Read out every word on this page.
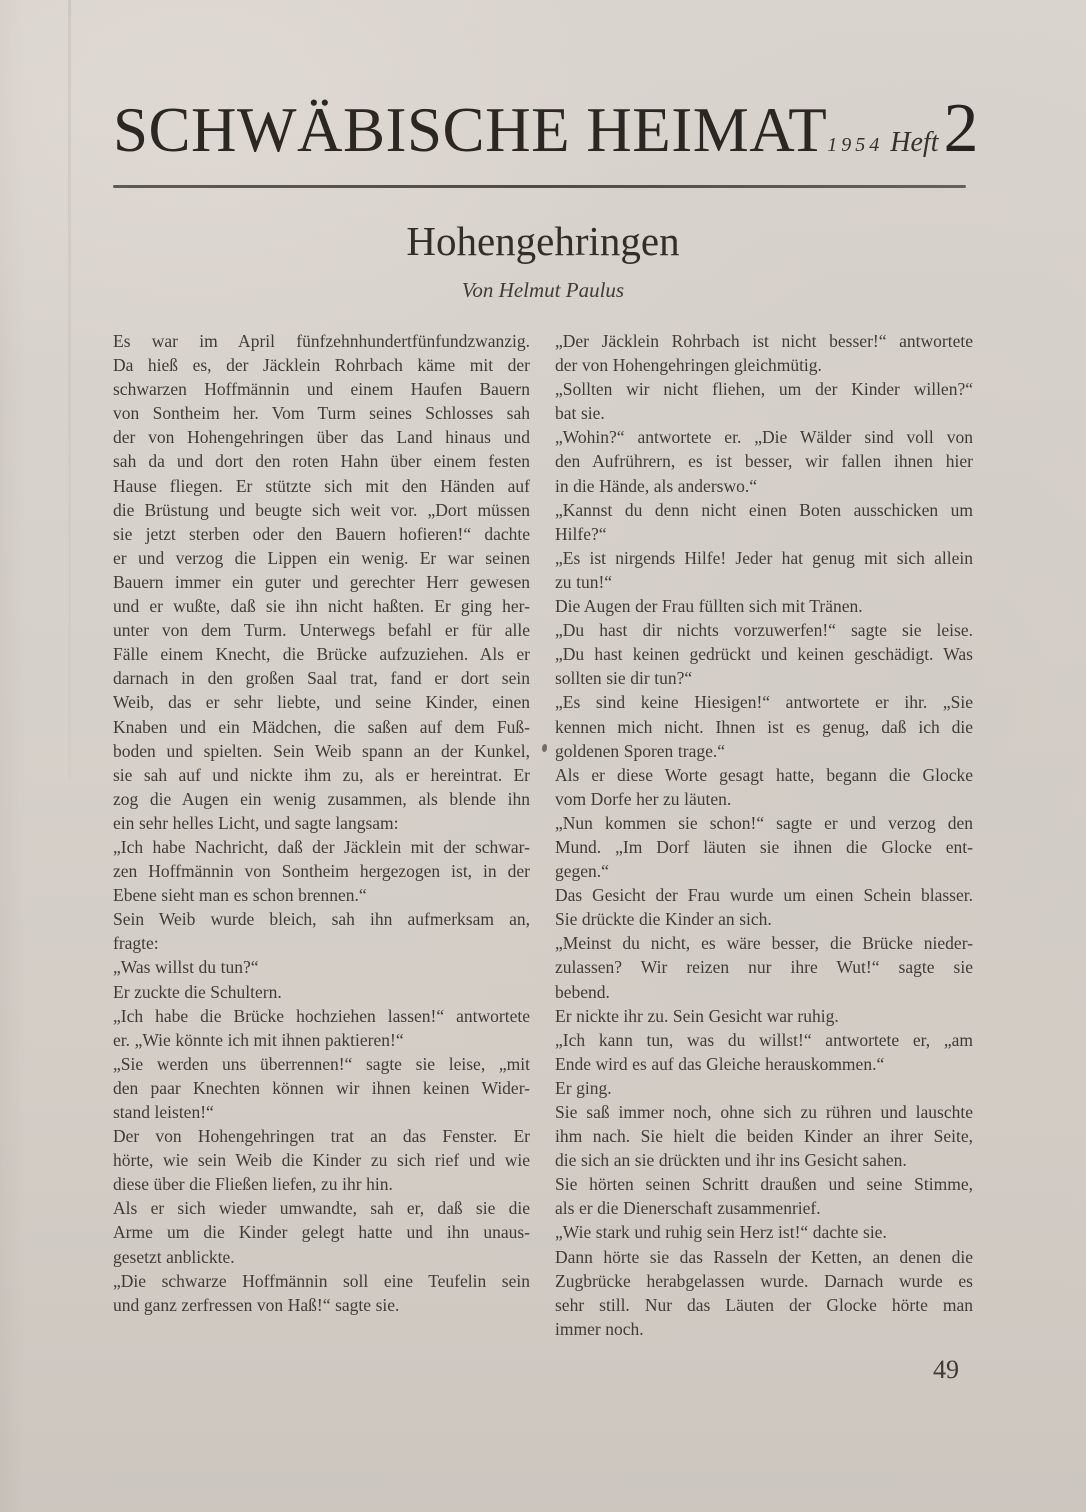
SCHWÄBISCHE HEIMAT 1954 Heft 2
Hohengehringen
Von Helmut Paulus
Es war im April fünfzehnhundertfünfundzwanzig.
Da hieß es, der Jäcklein Rohrbach käme mit der
schwarzen Hoffmännin und einem Haufen Bauern
von Sontheim her. Vom Turm seines Schlosses sah
der von Hohengehringen über das Land hinaus und
sah da und dort den roten Hahn über einem festen
Hause fliegen. Er stützte sich mit den Händen auf
die Brüstung und beugte sich weit vor. „Dort müssen
sie jetzt sterben oder den Bauern hofieren!“ dachte
er und verzog die Lippen ein wenig. Er war seinen
Bauern immer ein guter und gerechter Herr gewesen
und er wußte, daß sie ihn nicht haßten. Er ging her-
unter von dem Turm. Unterwegs befahl er für alle
Fälle einem Knecht, die Brücke aufzuziehen. Als er
darnach in den großen Saal trat, fand er dort sein
Weib, das er sehr liebte, und seine Kinder, einen
Knaben und ein Mädchen, die saßen auf dem Fuß-
boden und spielten. Sein Weib spann an der Kunkel,
sie sah auf und nickte ihm zu, als er hereintrat. Er
zog die Augen ein wenig zusammen, als blende ihn
ein sehr helles Licht, und sagte langsam:
„Ich habe Nachricht, daß der Jäcklein mit der schwar-
zen Hoffmännin von Sontheim hergezogen ist, in der
Ebene sieht man es schon brennen.“
Sein Weib wurde bleich, sah ihn aufmerksam an,
fragte:
„Was willst du tun?“
Er zuckte die Schultern.
„Ich habe die Brücke hochziehen lassen!“ antwortete
er. „Wie könnte ich mit ihnen paktieren!“
„Sie werden uns überrennen!“ sagte sie leise, „mit
den paar Knechten können wir ihnen keinen Wider-
stand leisten!“
Der von Hohengehringen trat an das Fenster. Er
hörte, wie sein Weib die Kinder zu sich rief und wie
diese über die Fließen liefen, zu ihr hin.
Als er sich wieder umwandte, sah er, daß sie die
Arme um die Kinder gelegt hatte und ihn unaus-
gesetzt anblickte.
„Die schwarze Hoffmännin soll eine Teufelin sein
und ganz zerfressen von Haß!“ sagte sie.
„Der Jäcklein Rohrbach ist nicht besser!“ antwortete
der von Hohengehringen gleichmütig.
„Sollten wir nicht fliehen, um der Kinder willen?“
bat sie.
„Wohin?“ antwortete er. „Die Wälder sind voll von
den Aufrührern, es ist besser, wir fallen ihnen hier
in die Hände, als anderswo.“
„Kannst du denn nicht einen Boten ausschicken um
Hilfe?“
„Es ist nirgends Hilfe! Jeder hat genug mit sich allein
zu tun!“
Die Augen der Frau füllten sich mit Tränen.
„Du hast dir nichts vorzuwerfen!“ sagte sie leise.
„Du hast keinen gedrückt und keinen geschädigt. Was
sollten sie dir tun?“
„Es sind keine Hiesigen!“ antwortete er ihr. „Sie
kennen mich nicht. Ihnen ist es genug, daß ich die
goldenen Sporen trage.“
Als er diese Worte gesagt hatte, begann die Glocke
vom Dorfe her zu läuten.
„Nun kommen sie schon!“ sagte er und verzog den
Mund. „Im Dorf läuten sie ihnen die Glocke ent-
gegen.“
Das Gesicht der Frau wurde um einen Schein blasser.
Sie drückte die Kinder an sich.
„Meinst du nicht, es wäre besser, die Brücke nieder-
zulassen? Wir reizen nur ihre Wut!“ sagte sie
bebend.
Er nickte ihr zu. Sein Gesicht war ruhig.
„Ich kann tun, was du willst!“ antwortete er, „am
Ende wird es auf das Gleiche herauskommen.“
Er ging.
Sie saß immer noch, ohne sich zu rühren und lauschte
ihm nach. Sie hielt die beiden Kinder an ihrer Seite,
die sich an sie drückten und ihr ins Gesicht sahen.
Sie hörten seinen Schritt draußen und seine Stimme,
als er die Dienerschaft zusammenrief.
„Wie stark und ruhig sein Herz ist!“ dachte sie.
Dann hörte sie das Rasseln der Ketten, an denen die
Zugbrücke herabgelassen wurde. Darnach wurde es
sehr still. Nur das Läuten der Glocke hörte man
immer noch.
49
